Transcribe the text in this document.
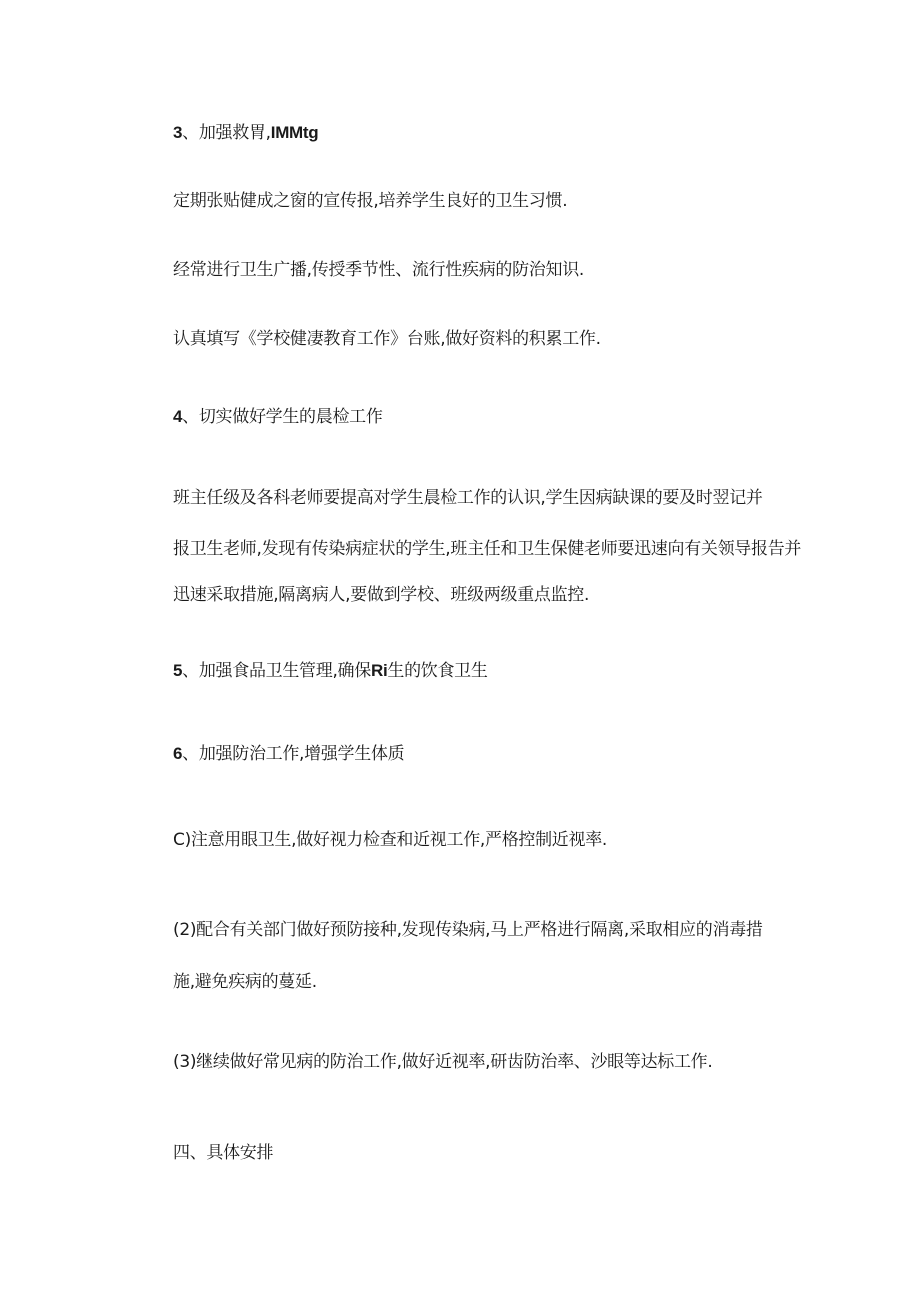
3、加强救胃,IMMtg
定期张贴健成之窗的宣传报,培养学生良好的卫生习惯.
经常进行卫生广播,传授季节性、流行性疾病的防治知识.
认真填写《学校健凄教育工作》台账,做好资料的积累工作.
4、切实做好学生的晨检工作
班主任级及各科老师要提高对学生晨检工作的认识,学生因病缺课的要及时翌记并
报卫生老师,发现有传染病症状的学生,班主任和卫生保健老师要迅速向有关领导报告并
迅速采取措施,隔离病人,要做到学校、班级两级重点监控.
5、加强食品卫生管理,确保Ri生的饮食卫生
6、加强防治工作,增强学生体质
C)注意用眼卫生,做好视力检查和近视工作,严格控制近视率.
(2)配合有关部门做好预防接种,发现传染病,马上严格进行隔离,采取相应的消毒措
施,避免疾病的蔓延.
(3)继续做好常见病的防治工作,做好近视率,研齿防治率、沙眼等达标工作.
四、具体安排
